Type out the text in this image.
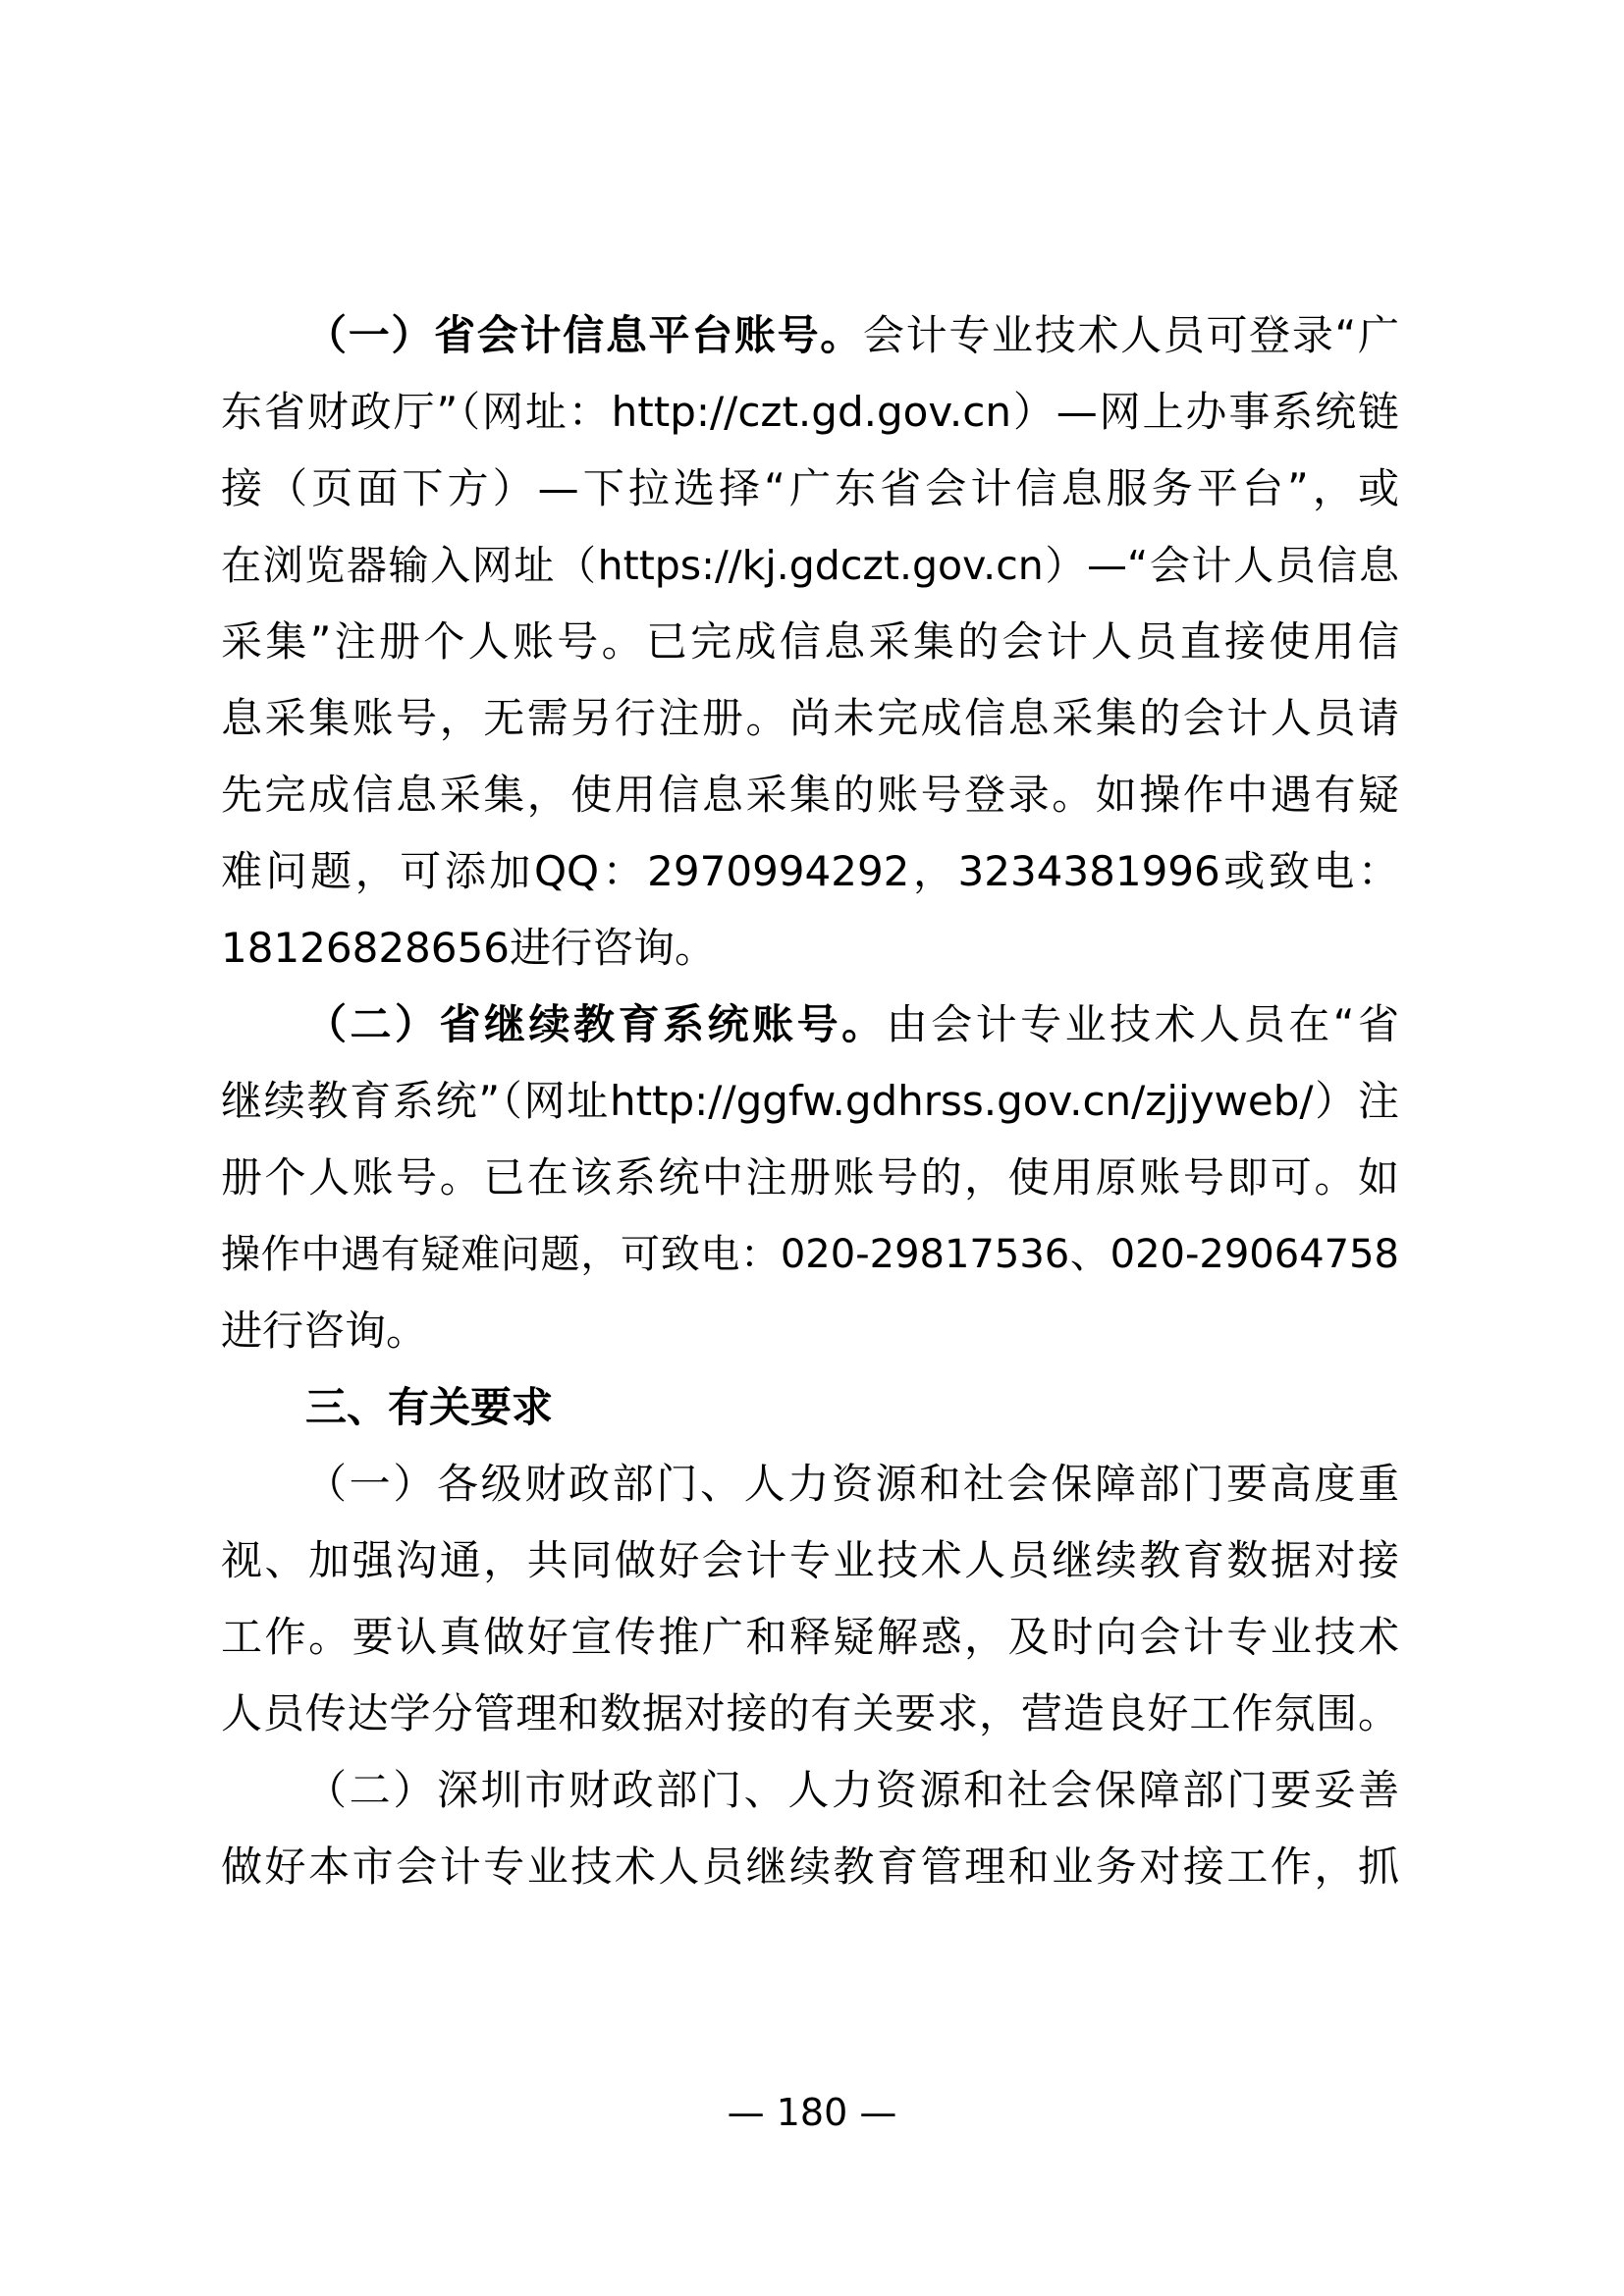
（一）省会计信息平台账号。会计专业技术人员可登录“广
东省财政厅”（网址：http://czt.gd.gov.cn）—网上办事系统链
接（页面下方）—下拉选择“广东省会计信息服务平台”，或
在浏览器输入网址（https://kj.gdczt.gov.cn）—“会计人员信息
采集”注册个人账号。已完成信息采集的会计人员直接使用信
息采集账号，无需另行注册。尚未完成信息采集的会计人员请
先完成信息采集，使用信息采集的账号登录。如操作中遇有疑
难问题，可添加QQ：2970994292，3234381996或致电：
18126828656进行咨询。
（二）省继续教育系统账号。由会计专业技术人员在“省
继续教育系统”（网址http://ggfw.gdhrss.gov.cn/zjjyweb/）注
册个人账号。已在该系统中注册账号的，使用原账号即可。如
操作中遇有疑难问题，可致电：020-29817536、020-29064758
进行咨询。
三、有关要求
（一）各级财政部门、人力资源和社会保障部门要高度重
视、加强沟通，共同做好会计专业技术人员继续教育数据对接
工作。要认真做好宣传推广和释疑解惑，及时向会计专业技术
人员传达学分管理和数据对接的有关要求，营造良好工作氛围。
（二）深圳市财政部门、人力资源和社会保障部门要妥善
做好本市会计专业技术人员继续教育管理和业务对接工作，抓
— 180 —
